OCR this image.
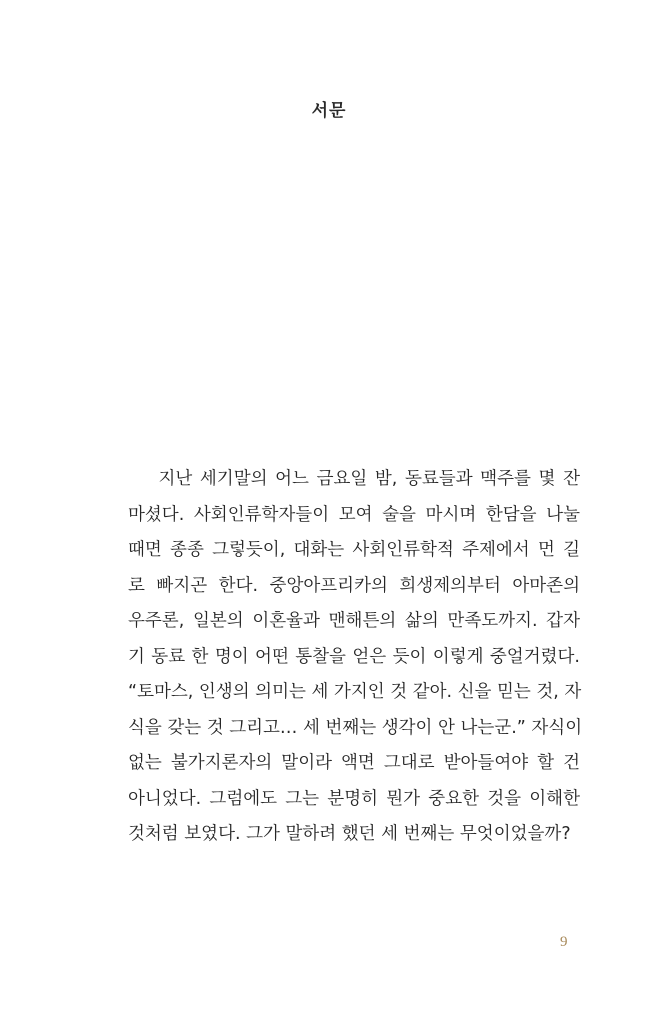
서문
지난 세기말의 어느 금요일 밤, 동료들과 맥주를 몇 잔
마셨다. 사회인류학자들이 모여 술을 마시며 한담을 나눌
때면 종종 그렇듯이, 대화는 사회인류학적 주제에서 먼 길
로 빠지곤 한다. 중앙아프리카의 희생제의부터 아마존의
우주론, 일본의 이혼율과 맨해튼의 삶의 만족도까지. 갑자
기 동료 한 명이 어떤 통찰을 얻은 듯이 이렇게 중얼거렸다.
“토마스, 인생의 의미는 세 가지인 것 같아. 신을 믿는 것, 자
식을 갖는 것 그리고… 세 번째는 생각이 안 나는군.” 자식이
없는 불가지론자의 말이라 액면 그대로 받아들여야 할 건
아니었다. 그럼에도 그는 분명히 뭔가 중요한 것을 이해한
것처럼 보였다. 그가 말하려 했던 세 번째는 무엇이었을까?
9
